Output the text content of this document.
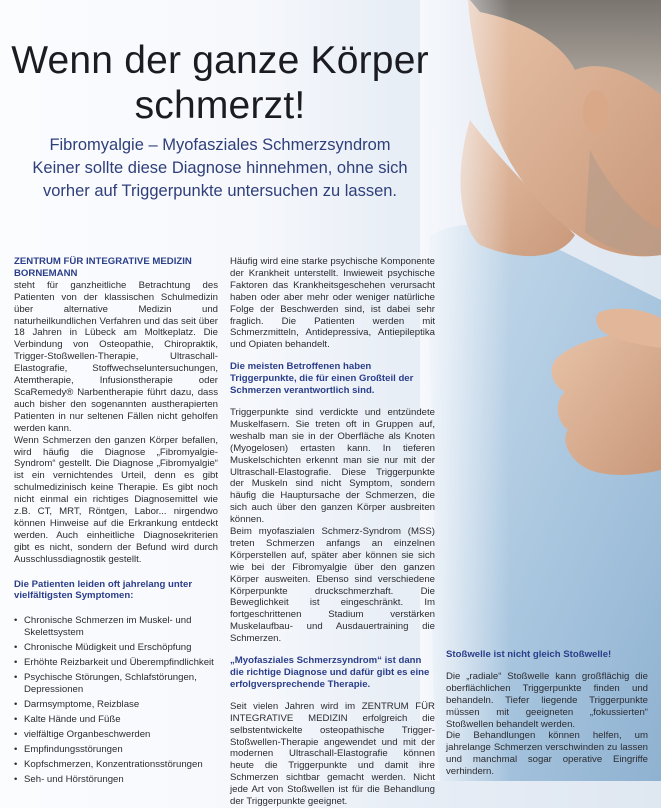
Wenn der ganze Körper schmerzt!
Fibromyalgie – Myofasziales Schmerzsyndrom
Keiner sollte diese Diagnose hinnehmen, ohne sich
vorher auf Triggerpunkte untersuchen zu lassen.
ZENTRUM FÜR INTEGRATIVE MEDIZIN BORNEMANN

steht für ganzheitliche Betrachtung des Patienten von der klassischen Schulmedizin über alternative Medizin und naturheilkundlichen Verfahren und das seit über 18 Jahren in Lübeck am Moltkeplatz. Die Verbindung von Osteopathie, Chiropraktik, Trigger-Stoßwellen-Therapie, Ultraschall-Elastografie, Stoffwechseluntersuchungen, Atemtherapie, Infusionstherapie oder ScaRemedy® Narbentherapie führt dazu, dass auch bisher den sogenannten austherapierten Patienten in nur seltenen Fällen nicht geholfen werden kann.

Wenn Schmerzen den ganzen Körper befallen, wird häufig die Diagnose „Fibromyalgie-Syndrom“ gestellt. Die Diagnose „Fibromyalgie“ ist ein vernichtendes Urteil, denn es gibt schulmedizinisch keine Therapie. Es gibt noch nicht einmal ein richtiges Diagnosemittel wie z.B. CT, MRT, Röntgen, Labor... nirgendwo können Hinweise auf die Erkrankung entdeckt werden. Auch einheitliche Diagnosekriterien gibt es nicht, sondern der Befund wird durch Ausschlussdiagnostik gestellt.

Die Patienten leiden oft jahrelang unter vielfältigsten Symptomen:
• Chronische Schmerzen im Muskel- und Skelettsystem
• Chronische Müdigkeit und Erschöpfung
• Erhöhte Reizbarkeit und Überempfindlichkeit
• Psychische Störungen, Schlafstörungen, Depressionen
• Darmsymptome, Reizblase
• Kalte Hände und Füße
• vielfältige Organbeschwerden
• Empfindungsstörungen
• Kopfschmerzen, Konzentrationsstörungen
• Seh- und Hörstörungen

Häufig wird eine starke psychische Komponente der Krankheit unterstellt. Inwieweit psychische Faktoren das Krankheitsgeschehen verursacht haben oder aber mehr oder weniger natürliche Folge der Beschwerden sind, ist dabei sehr fraglich. Die Patienten werden mit Schmerzmitteln, Antidepressiva, Antiepileptika und Opiaten behandelt.

Die meisten Betroffenen haben Triggerpunkte, die für einen Großteil der Schmerzen verantwortlich sind.

Triggerpunkte sind verdickte und entzündete Muskelfasern. Sie treten oft in Gruppen auf, weshalb man sie in der Oberfläche als Knoten (Myogelosen) ertasten kann. In tieferen Muskelschichten erkennt man sie nur mit der Ultraschall-Elastografie. Diese Triggerpunkte der Muskeln sind nicht Symptom, sondern häufig die Hauptursache der Schmerzen, die sich auch über den ganzen Körper ausbreiten können.

Beim myofaszialen Schmerz-Syndrom (MSS) treten Schmerzen anfangs an einzelnen Körperstellen auf, später aber können sie sich wie bei der Fibromyalgie über den ganzen Körper ausweiten. Ebenso sind verschiedene Körperpunkte druckschmerzhaft. Die Beweglichkeit ist eingeschränkt. Im fortgeschrittenen Stadium verstärken Muskelaufbau- und Ausdauertraining die Schmerzen.

„Myofasziales Schmerzsyndrom“ ist dann die richtige Diagnose und dafür gibt es eine erfolgversprechende Therapie.

Seit vielen Jahren wird im ZENTRUM FÜR INTEGRATIVE MEDIZIN erfolgreich die selbstentwickelte osteopathische Trigger-Stoßwellen-Therapie angewendet und mit der modernen Ultraschall-Elastografie können heute die Triggerpunkte und damit ihre Schmerzen sichtbar gemacht werden. Nicht jede Art von Stoßwellen ist für die Behandlung der Triggerpunkte geeignet.

Stoßwelle ist nicht gleich Stoßwelle!

Die „radiale“ Stoßwelle kann großflächig die oberflächlichen Triggerpunkte finden und behandeln. Tiefer liegende Triggerpunkte müssen mit geeigneten „fokussierten“ Stoßwellen behandelt werden.

Die Behandlungen können helfen, um jahrelange Schmerzen verschwinden zu lassen und manchmal sogar operative Eingriffe verhindern.
